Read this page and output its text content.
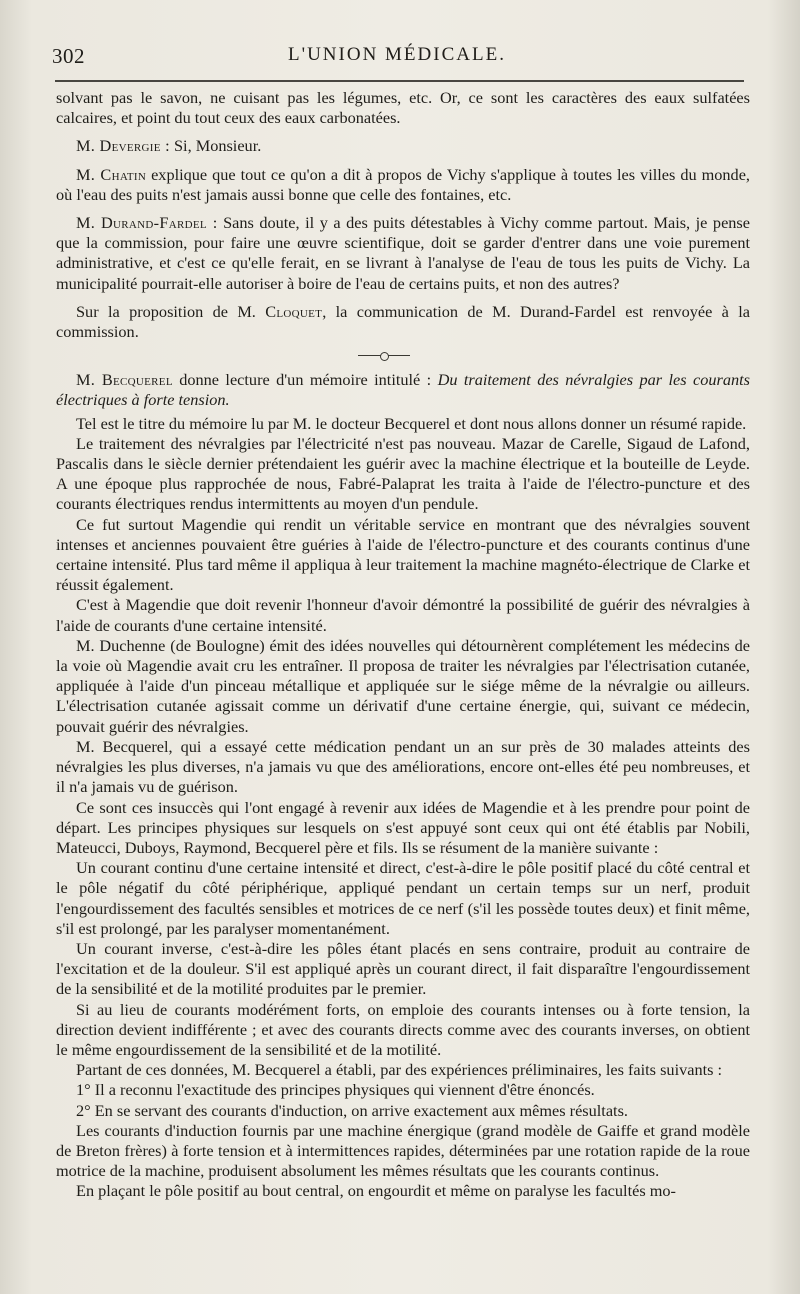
302	L'UNION MÉDICALE.

solvant pas le savon, ne cuisant pas les légumes, etc. Or, ce sont les caractères des eaux sulfatées calcaires, et point du tout ceux des eaux carbonatées.

M. Devergie : Si, Monsieur.

M. Chatin explique que tout ce qu'on a dit à propos de Vichy s'applique à toutes les villes du monde, où l'eau des puits n'est jamais aussi bonne que celle des fontaines, etc.

M. Durand-Fardel : Sans doute, il y a des puits détestables à Vichy comme partout. Mais, je pense que la commission, pour faire une œuvre scientifique, doit se garder d'entrer dans une voie purement administrative, et c'est ce qu'elle ferait, en se livrant à l'analyse de l'eau de tous les puits de Vichy. La municipalité pourrait-elle autoriser à boire de l'eau de certains puits, et non des autres?

Sur la proposition de M. Cloquet, la communication de M. Durand-Fardel est renvoyée à la commission.

M. Becquerel donne lecture d'un mémoire intitulé : Du traitement des névralgies par les courants électriques à forte tension.

Tel est le titre du mémoire lu par M. le docteur Becquerel et dont nous allons donner un résumé rapide.

Le traitement des névralgies par l'électricité n'est pas nouveau. Mazar de Carelle, Sigaud de Lafond, Pascalis dans le siècle dernier prétendaient les guérir avec la machine électrique et la bouteille de Leyde. A une époque plus rapprochée de nous, Fabré-Palaprat les traita à l'aide de l'électro-puncture et des courants électriques rendus intermittents au moyen d'un pendule.

Ce fut surtout Magendie qui rendit un véritable service en montrant que des névralgies souvent intenses et anciennes pouvaient être guéries à l'aide de l'électro-puncture et des courants continus d'une certaine intensité. Plus tard même il appliqua à leur traitement la machine magnéto-électrique de Clarke et réussit également.

C'est à Magendie que doit revenir l'honneur d'avoir démontré la possibilité de guérir des névralgies à l'aide de courants d'une certaine intensité.

M. Duchenne (de Boulogne) émit des idées nouvelles qui détournèrent complétement les médecins de la voie où Magendie avait cru les entraîner. Il proposa de traiter les névralgies par l'électrisation cutanée, appliquée à l'aide d'un pinceau métallique et appliquée sur le siége même de la névralgie ou ailleurs. L'électrisation cutanée agissait comme un dérivatif d'une certaine énergie, qui, suivant ce médecin, pouvait guérir des névralgies.

M. Becquerel, qui a essayé cette médication pendant un an sur près de 30 malades atteints des névralgies les plus diverses, n'a jamais vu que des améliorations, encore ont-elles été peu nombreuses, et il n'a jamais vu de guérison.

Ce sont ces insuccès qui l'ont engagé à revenir aux idées de Magendie et à les prendre pour point de départ. Les principes physiques sur lesquels on s'est appuyé sont ceux qui ont été établis par Nobili, Mateucci, Duboys, Raymond, Becquerel père et fils. Ils se résument de la manière suivante :

Un courant continu d'une certaine intensité et direct, c'est-à-dire le pôle positif placé du côté central et le pôle négatif du côté périphérique, appliqué pendant un certain temps sur un nerf, produit l'engourdissement des facultés sensibles et motrices de ce nerf (s'il les possède toutes deux) et finit même, s'il est prolongé, par les paralyser momentanément.

Un courant inverse, c'est-à-dire les pôles étant placés en sens contraire, produit au contraire de l'excitation et de la douleur. S'il est appliqué après un courant direct, il fait disparaître l'engourdissement de la sensibilité et de la motilité produites par le premier.

Si au lieu de courants modérément forts, on emploie des courants intenses ou à forte tension, la direction devient indifférente ; et avec des courants directs comme avec des courants inverses, on obtient le même engourdissement de la sensibilité et de la motilité.

Partant de ces données, M. Becquerel a établi, par des expériences préliminaires, les faits suivants :

1° Il a reconnu l'exactitude des principes physiques qui viennent d'être énoncés.

2° En se servant des courants d'induction, on arrive exactement aux mêmes résultats.

Les courants d'induction fournis par une machine énergique (grand modèle de Gaiffe et grand modèle de Breton frères) à forte tension et à intermittences rapides, déterminées par une rotation rapide de la roue motrice de la machine, produisent absolument les mêmes résultats que les courants continus.

En plaçant le pôle positif au bout central, on engourdit et même on paralyse les facultés mo-
